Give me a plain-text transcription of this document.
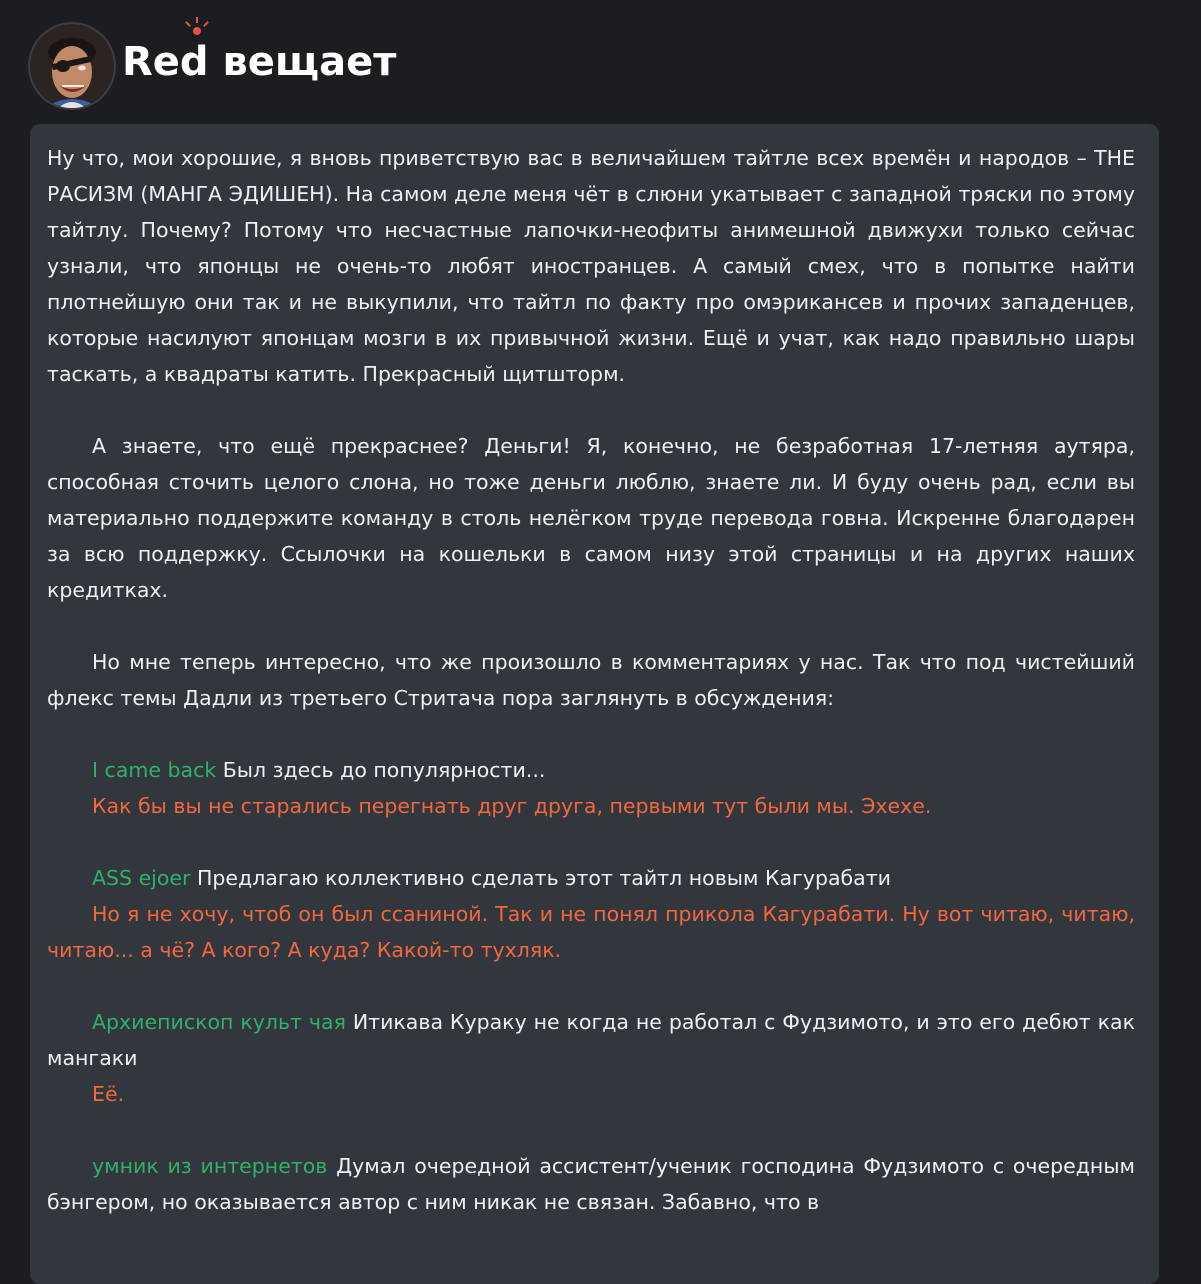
Red вещает

Ну что, мои хорошие, я вновь приветствую вас в величайшем тайтле всех времён и народов – THE РАСИЗМ (МАНГА ЭДИШЕН). На самом деле меня чёт в слюни укатывает с западной тряски по этому тайтлу. Почему? Потому что несчастные лапочки-неофиты анимешной движухи только сейчас узнали, что японцы не очень-то любят иностранцев. А самый смех, что в попытке найти плотнейшую они так и не выкупили, что тайтл по факту про омэрикансев и прочих западенцев, которые насилуют японцам мозги в их привычной жизни. Ещё и учат, как надо правильно шары таскать, а квадраты катить. Прекрасный щитшторм.

А знаете, что ещё прекраснее? Деньги! Я, конечно, не безработная 17-летняя аутяра, способная сточить целого слона, но тоже деньги люблю, знаете ли. И буду очень рад, если вы материально поддержите команду в столь нелёгком труде перевода говна. Искренне благодарен за всю поддержку. Ссылочки на кошельки в самом низу этой страницы и на других наших кредитках.

Но мне теперь интересно, что же произошло в комментариях у нас. Так что под чистейший флекс темы Дадли из третьего Стритача пора заглянуть в обсуждения:

I came back Был здесь до популярности...
Как бы вы не старались перегнать друг друга, первыми тут были мы. Эхехе.
ASS ejoer Предлагаю коллективно сделать этот тайтл новым Кагурабати
Но я не хочу, чтоб он был ссаниной. Так и не понял прикола Кагурабати. Ну вот читаю, читаю, читаю... а чё? А кого? А куда? Какой-то тухляк.
Архиепископ культ чая Итикава Кураку не когда не работал с Фудзимото, и это его дебют как мангаки
Её.
умник из интернетов Думал очередной ассистент/ученик господина Фудзимото с очередным бэнгером, но оказывается автор с ним никак не связан. Забавно, что в
